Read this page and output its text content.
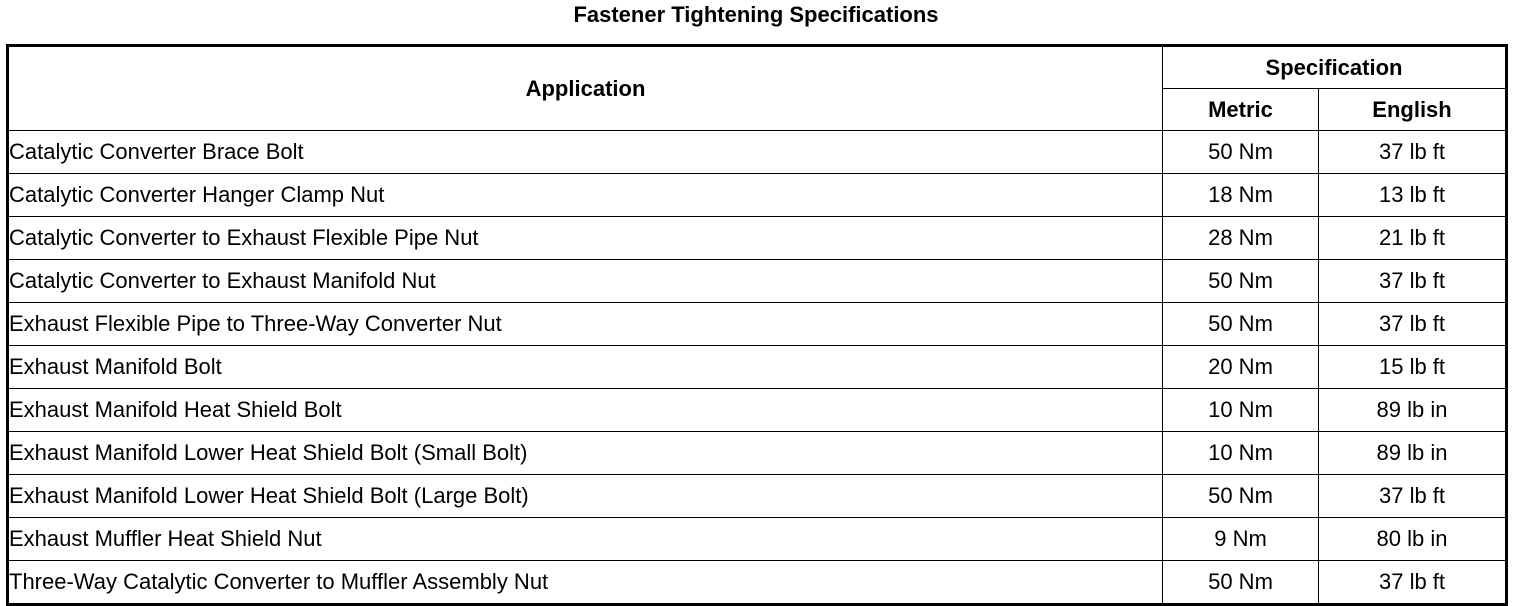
Fastener Tightening Specifications
Application	Specification	
	Metric	English
Catalytic Converter Brace Bolt	50 Nm	37 lb ft
Catalytic Converter Hanger Clamp Nut	18 Nm	13 lb ft
Catalytic Converter to Exhaust Flexible Pipe Nut	28 Nm	21 lb ft
Catalytic Converter to Exhaust Manifold Nut	50 Nm	37 lb ft
Exhaust Flexible Pipe to Three-Way Converter Nut	50 Nm	37 lb ft
Exhaust Manifold Bolt	20 Nm	15 lb ft
Exhaust Manifold Heat Shield Bolt	10 Nm	89 lb in
Exhaust Manifold Lower Heat Shield Bolt (Small Bolt)	10 Nm	89 lb in
Exhaust Manifold Lower Heat Shield Bolt (Large Bolt)	50 Nm	37 lb ft
Exhaust Muffler Heat Shield Nut	9 Nm	80 lb in
Three-Way Catalytic Converter to Muffler Assembly Nut	50 Nm	37 lb ft
